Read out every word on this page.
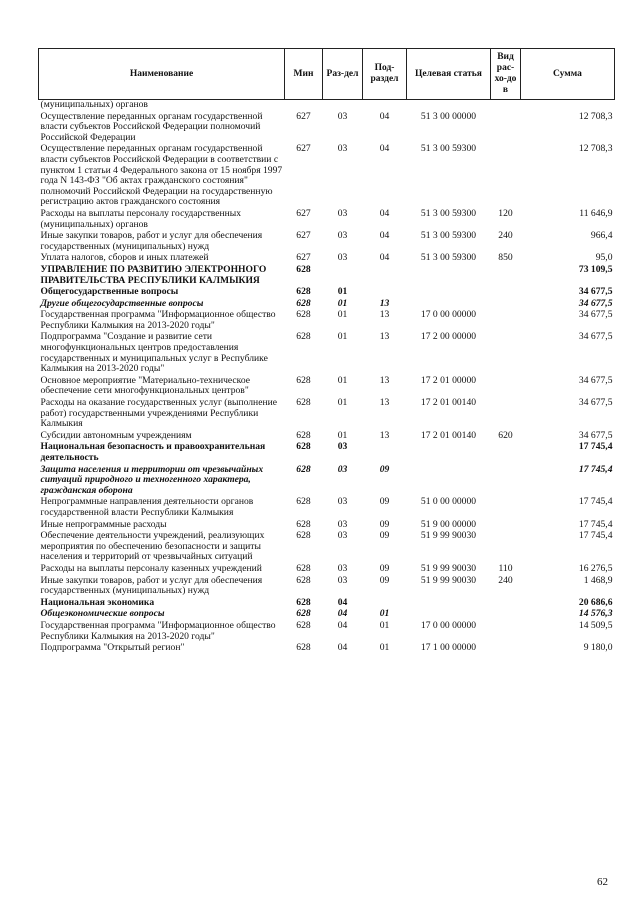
Наименование	Мин	Раз-дел	Под-раздел	Целевая статья	Вид рас-хо-до в	Сумма
(муниципальных) органов						
Осуществление переданных органам государственной власти субъектов Российской Федерации полномочий Российской Федерации	627	03	04	51 3 00 00000		12 708,3
Осуществление переданных органам государственной власти субъектов Российской Федерации в соответствии с пунктом 1 статьи 4 Федерального закона от 15 ноября 1997 года N 143-ФЗ "Об актах гражданского состояния" полномочий Российской Федерации на государственную регистрацию актов гражданского состояния	627	03	04	51 3 00 59300		12 708,3
Расходы на выплаты персоналу государственных (муниципальных) органов	627	03	04	51 3 00 59300	120	11 646,9
Иные закупки товаров, работ и услуг для обеспечения государственных (муниципальных) нужд	627	03	04	51 3 00 59300	240	966,4
Уплата налогов, сборов и иных платежей	627	03	04	51 3 00 59300	850	95,0
УПРАВЛЕНИЕ ПО РАЗВИТИЮ ЭЛЕКТРОННОГО ПРАВИТЕЛЬСТВА РЕСПУБЛИКИ КАЛМЫКИЯ	628					73 109,5
Общегосударственные вопросы	628	01				34 677,5
Другие общегосударственные вопросы	628	01	13			34 677,5
Государственная программа "Информационное общество Республики Калмыкия на 2013-2020 годы"	628	01	13	17 0 00 00000		34 677,5
Подпрограмма "Создание и развитие сети многофункциональных центров предоставления государственных и муниципальных услуг в Республике Калмыкия на 2013-2020 годы"	628	01	13	17 2 00 00000		34 677,5
Основное мероприятие "Материально-техническое обеспечение сети многофункциональных центров"	628	01	13	17 2 01 00000		34 677,5
Расходы на оказание государственных услуг (выполнение работ) государственными учреждениями Республики Калмыкия	628	01	13	17 2 01 00140		34 677,5
Субсидии автономным учреждениям	628	01	13	17 2 01 00140	620	34 677,5
Национальная безопасность и правоохранительная деятельность	628	03				17 745,4
Защита населения и территории от чрезвычайных ситуаций природного и техногенного характера, гражданская оборона	628	03	09			17 745,4
Непрограммные направления деятельности органов государственной власти Республики Калмыкия	628	03	09	51 0 00 00000		17 745,4
Иные непрограммные расходы	628	03	09	51 9 00 00000		17 745,4
Обеспечение деятельности учреждений, реализующих мероприятия по обеспечению безопасности и защиты населения и территорий от чрезвычайных ситуаций	628	03	09	51 9 99 90030		17 745,4
Расходы на выплаты персоналу казенных учреждений	628	03	09	51 9 99 90030	110	16 276,5
Иные закупки товаров, работ и услуг для обеспечения государственных (муниципальных) нужд	628	03	09	51 9 99 90030	240	1 468,9
Национальная экономика	628	04				20 686,6
Общеэкономические вопросы	628	04	01			14 576,3
Государственная программа "Информационное общество Республики Калмыкия на 2013-2020 годы"	628	04	01	17 0 00 00000		14 509,5
Подпрограмма "Открытый регион"	628	04	01	17 1 00 00000		9 180,0
62
